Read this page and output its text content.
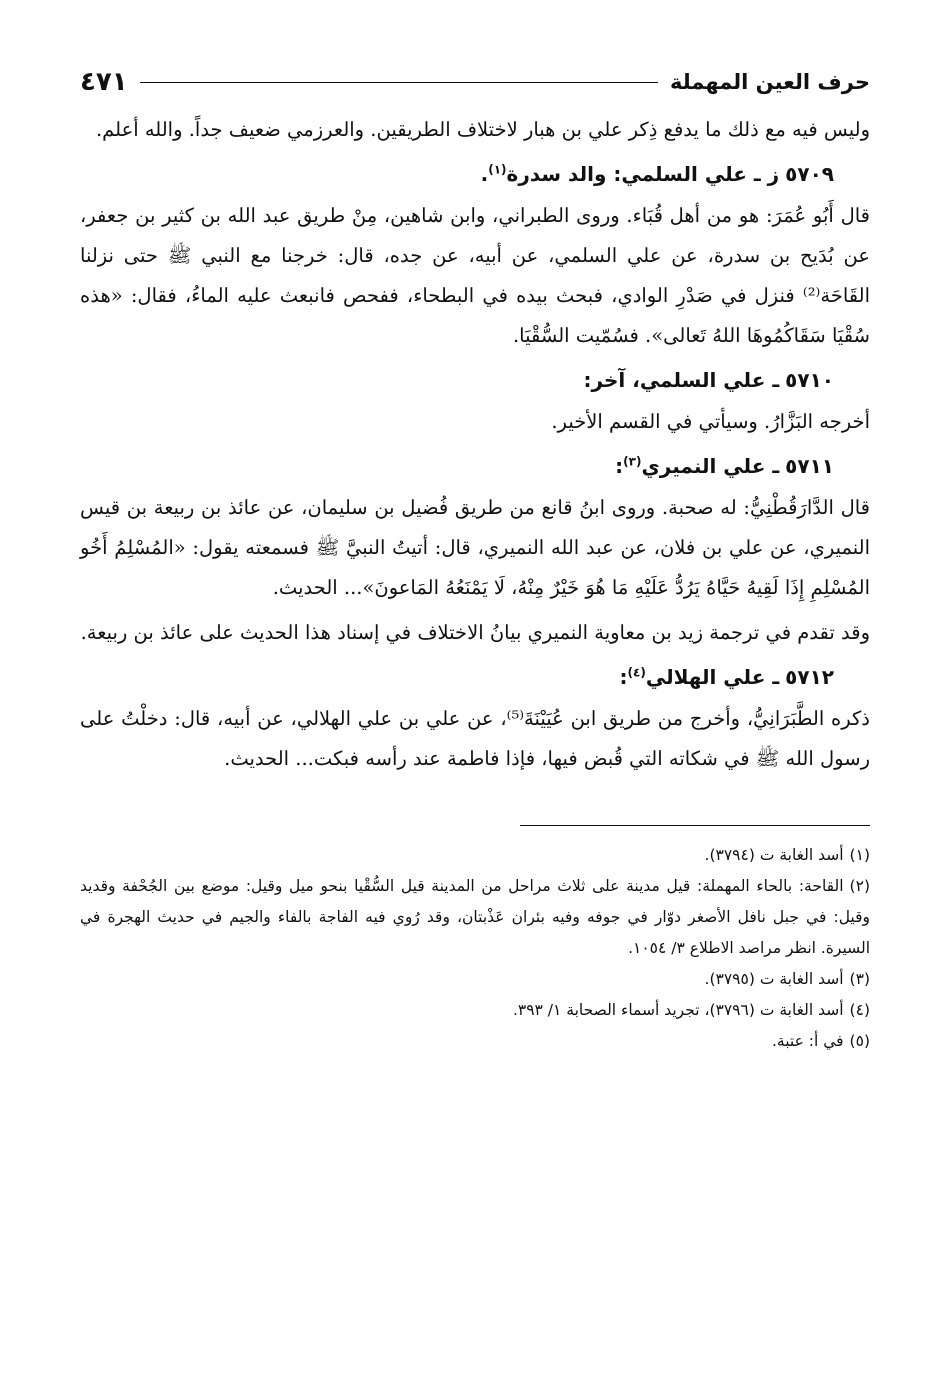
حرف العين المهملة
٤٧١

وليس فيه مع ذلك ما يدفع ذِكر علي بن هبار لاختلاف الطريقين. والعرزمي ضعيف جداً. والله أعلم.

٥٧٠٩ز ـ علي السلمي: والد سدرة$^{(١)}$.

قال أَبُو عُمَرَ: هو من أهل قُبَاء. وروى الطبراني، وابن شاهين، مِنْ طريق عبد الله بن كثير بن جعفر، عن بُدَيح بن سدرة، عن علي السلمي، عن أبيه، عن جده، قال: خرجنا مع النبي ﷺ حتى نزلنا القَاحَة⁽²⁾ فنزل في صَدْرِ الوادي، فبحث بيده في البطحاء، ففحص فانبعث عليه الماءُ، فقال: «هذه سُقْيَا سَقَاكُمُوهَا اللهُ تَعالى». فسُمّيت السُّقْيَا.

٥٧١٠ـ علي السلمي، آخر:

أخرجه البَزَّارُ. وسيأتي في القسم الأخير.

٥٧١١ـ علي النميري$^{(٣)}$:

قال الدَّارَقُطْنِيُّ: له صحبة. وروى ابنُ قانع من طريق فُضيل بن سليمان، عن عائذ بن ربيعة بن قيس النميري، عن علي بن فلان، عن عبد الله النميري، قال: أتيتُ النبيَّ ﷺ فسمعته يقول: «المُسْلِمُ أَخُو المُسْلِمِ إِذَا لَقِيهُ حَيَّاهُ يَرُدُّ عَلَيْهِ مَا هُوَ خَيْرٌ مِنْهُ، لَا يَمْنَعُهُ المَاعونَ»... الحديث.

وقد تقدم في ترجمة زيد بن معاوية النميري بيانُ الاختلاف في إسناد هذا الحديث على عائذ بن ربيعة.

٥٧١٢ـ علي الهلالي$^{(٤)}$:

ذكره الطَّبَرَانِيُّ، وأخرج من طريق ابن عُيَيْنَةَ⁽⁵⁾، عن علي بن علي الهلالي، عن أبيه، قال: دخلْتُ على رسول الله ﷺ في شكاته التي قُبض فيها، فإذا فاطمة عند رأسه فبكت... الحديث.

(١)أسد الغابة ت (٣٧٩٤).

(٢)القاحة: بالحاء المهملة: قيل مدينة على ثلاث مراحل من المدينة قيل السُّقْيا بنحو ميل وقيل: موضع بين الجُحْفة وقديد وقيل: في جبل نافل الأصغر دوّار في جوفه وفيه بئران عَذْبتان، وقد رُوي فيه الفاجة بالفاء والجيم في حديث الهجرة في السيرة. انظر مراصد الاطلاع ٣/ ١٠٥٤.

(٣)أسد الغابة ت (٣٧٩٥).

(٤)أسد الغابة ت (٣٧٩٦)، تجريد أسماء الصحابة ١/ ٣٩٣.

(٥)في أ: عتبة.
